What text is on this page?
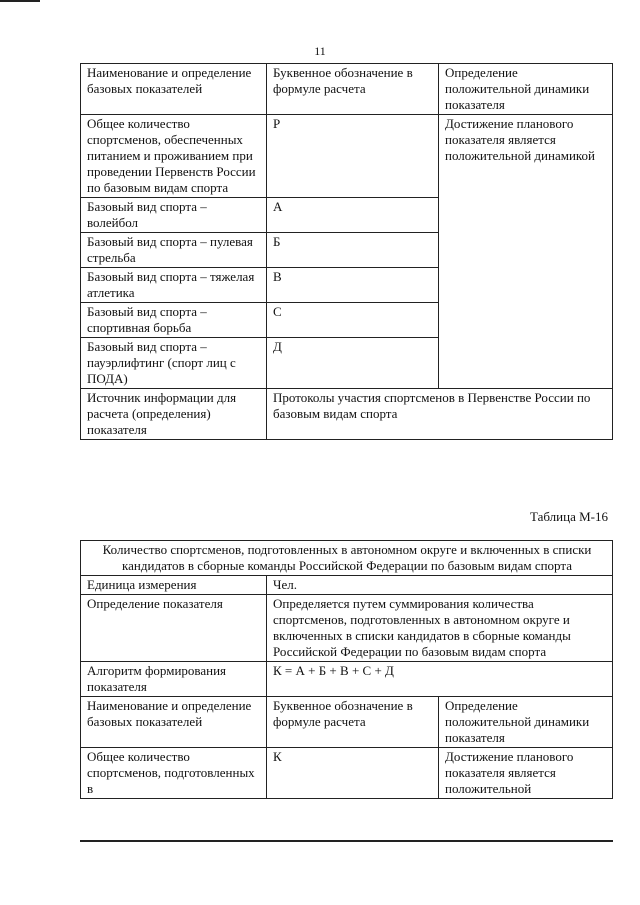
11
Наименование и определение базовых показателей	Буквенное обозначение в формуле расчета	Определение положительной динамики показателя
Общее количество спортсменов, обеспеченных питанием и проживанием при проведении Первенств России по базовым видам спорта	Р	Достижение планового показателя является положительной динамикой
Базовый вид спорта – волейбол	А	
Базовый вид спорта – пулевая стрельба	Б	
Базовый вид спорта – тяжелая атлетика	В	
Базовый вид спорта – спортивная борьба	С	
Базовый вид спорта – пауэрлифтинг (спорт лиц с ПОДА)	Д	
Источник информации для расчета (определения) показателя	Протоколы участия спортсменов в Первенстве России по базовым видам спорта	
Таблица М-16
Количество спортсменов, подготовленных в автономном округе и включенных в списки кандидатов в сборные команды Российской Федерации по базовым видам спорта		
Единица измерения	Чел.	
Определение показателя	Определяется путем суммирования количества спортсменов, подготовленных в автономном округе и включенных в списки кандидатов в сборные команды Российской Федерации по базовым видам спорта	
Алгоритм формирования показателя	К = А + Б + В + С + Д	
Наименование и определение базовых показателей	Буквенное обозначение в формуле расчета	Определение положительной динамики показателя
Общее количество спортсменов, подготовленных в	К	Достижение планового показателя является положительной
